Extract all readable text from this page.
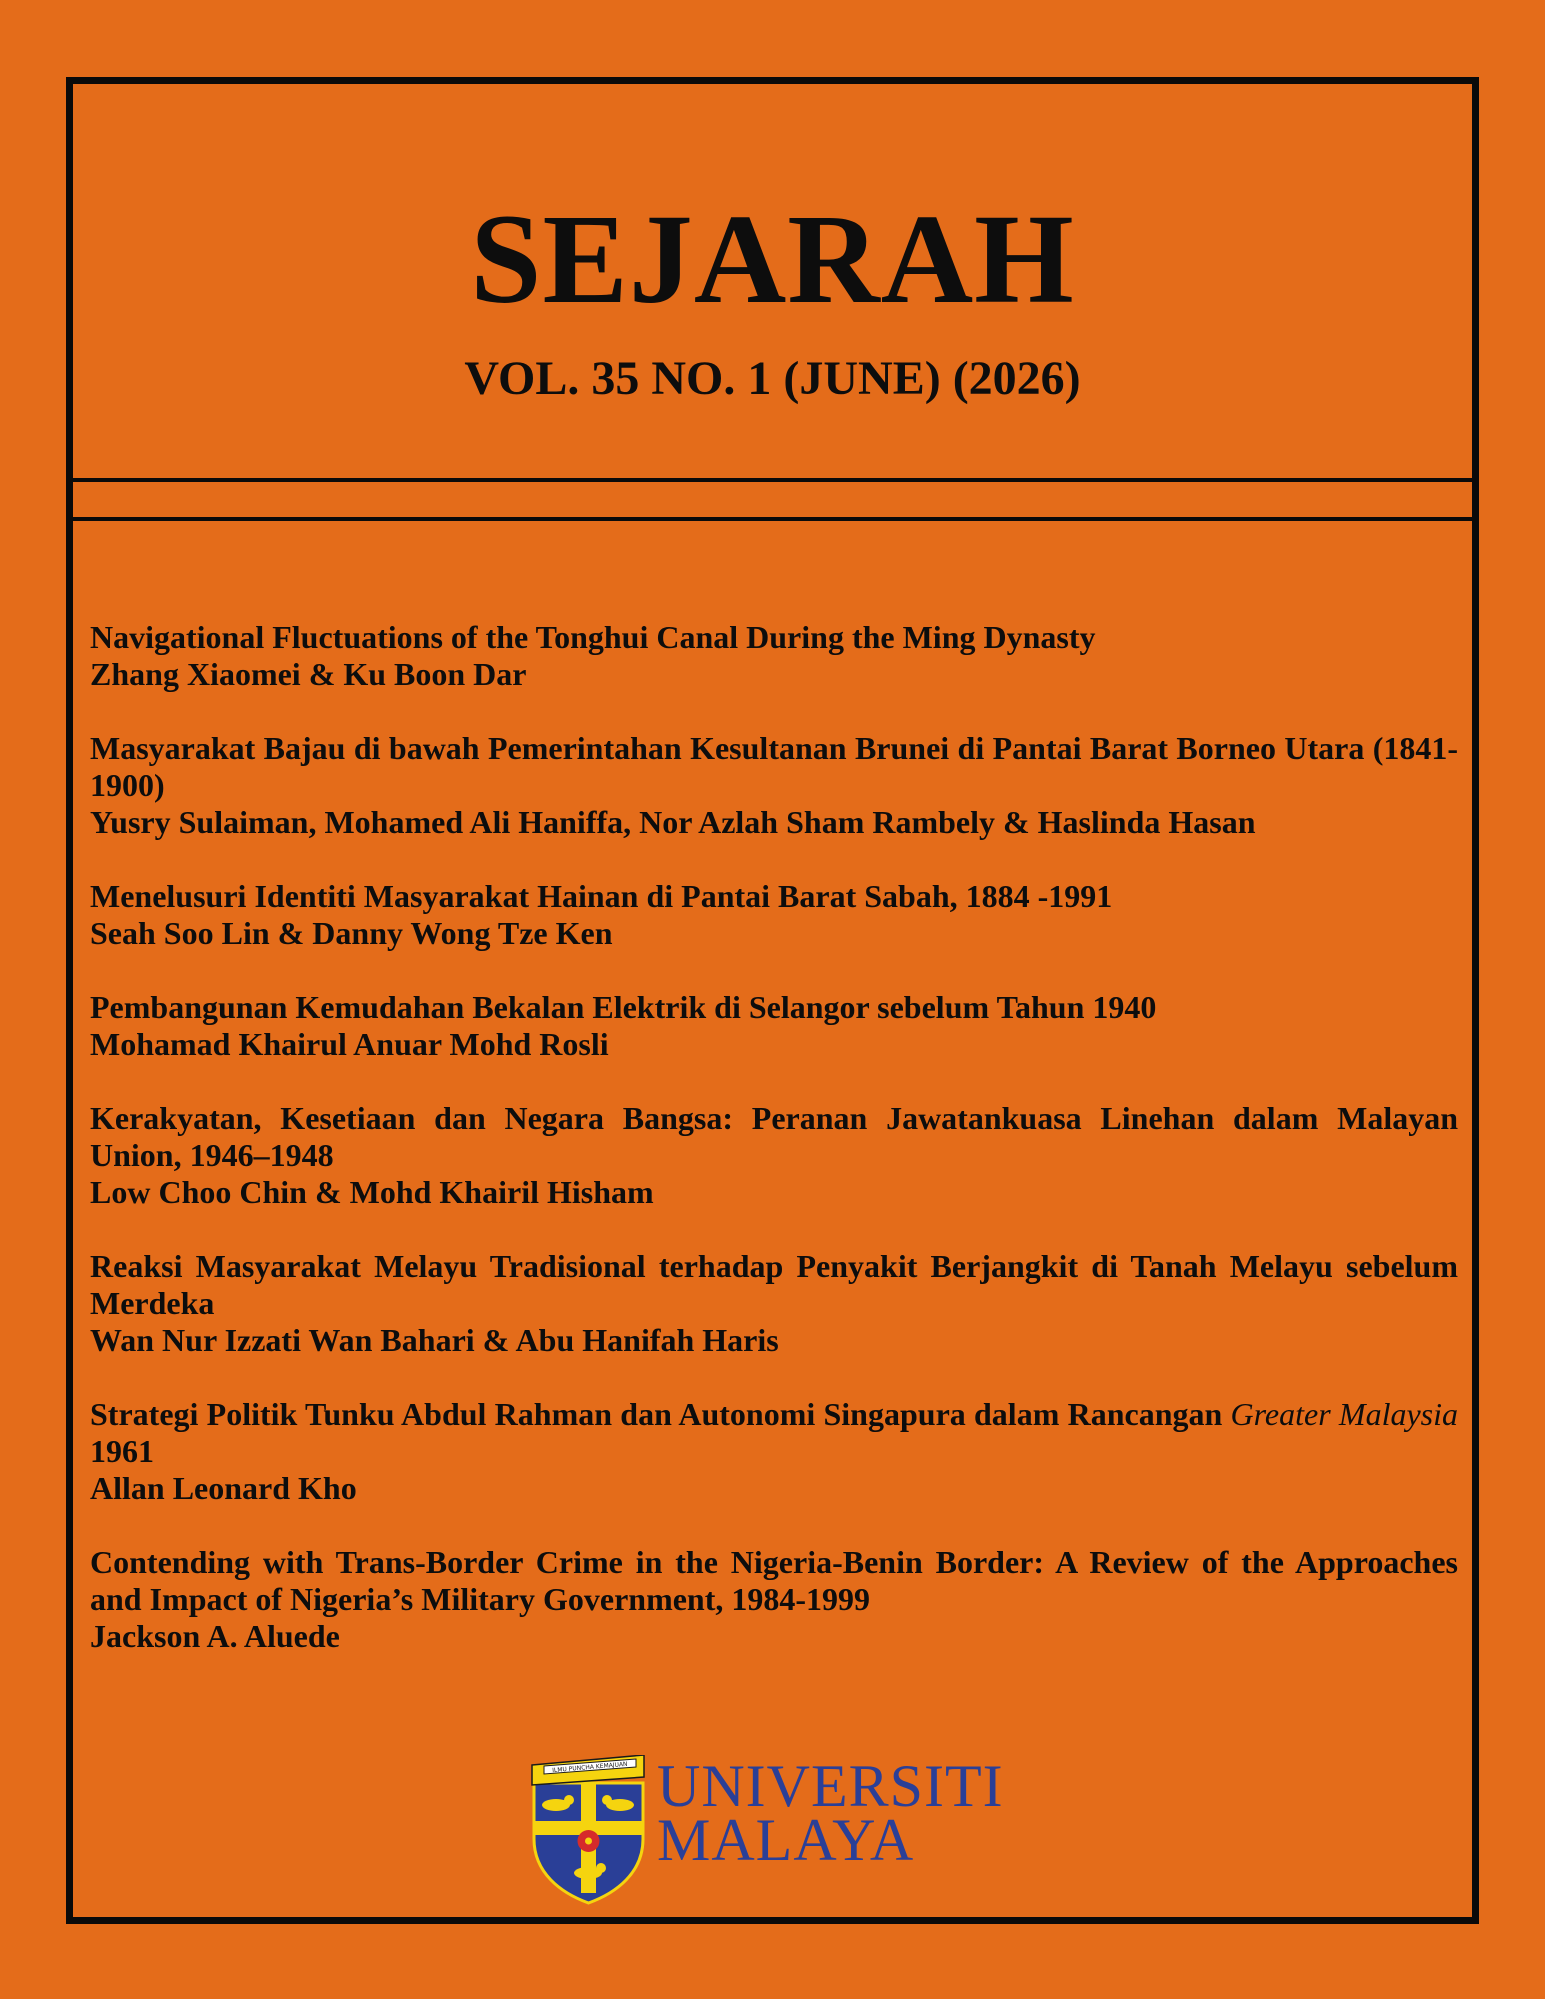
SEJARAH
VOL. 35 NO. 1 (JUNE) (2026)
Navigational Fluctuations of the Tonghui Canal During the Ming Dynasty
Zhang Xiaomei & Ku Boon Dar
Masyarakat Bajau di bawah Pemerintahan Kesultanan Brunei di Pantai Barat Borneo Utara (1841-1900)
Yusry Sulaiman, Mohamed Ali Haniffa, Nor Azlah Sham Rambely & Haslinda Hasan
Menelusuri Identiti Masyarakat Hainan di Pantai Barat Sabah, 1884 -1991
Seah Soo Lin & Danny Wong Tze Ken
Pembangunan Kemudahan Bekalan Elektrik di Selangor sebelum Tahun 1940
Mohamad Khairul Anuar Mohd Rosli
Kerakyatan, Kesetiaan dan Negara Bangsa: Peranan Jawatankuasa Linehan dalam Malayan Union, 1946–1948
Low Choo Chin & Mohd Khairil Hisham
Reaksi Masyarakat Melayu Tradisional terhadap Penyakit Berjangkit di Tanah Melayu sebelum Merdeka
Wan Nur Izzati Wan Bahari & Abu Hanifah Haris
Strategi Politik Tunku Abdul Rahman dan Autonomi Singapura dalam Rancangan Greater Malaysia 1961
Allan Leonard Kho
Contending with Trans-Border Crime in the Nigeria-Benin Border: A Review of the Approaches and Impact of Nigeria’s Military Government, 1984-1999
Jackson A. Aluede
ILMU PUNCHA KEMAJUAN UNIVERSITI
MALAYA
